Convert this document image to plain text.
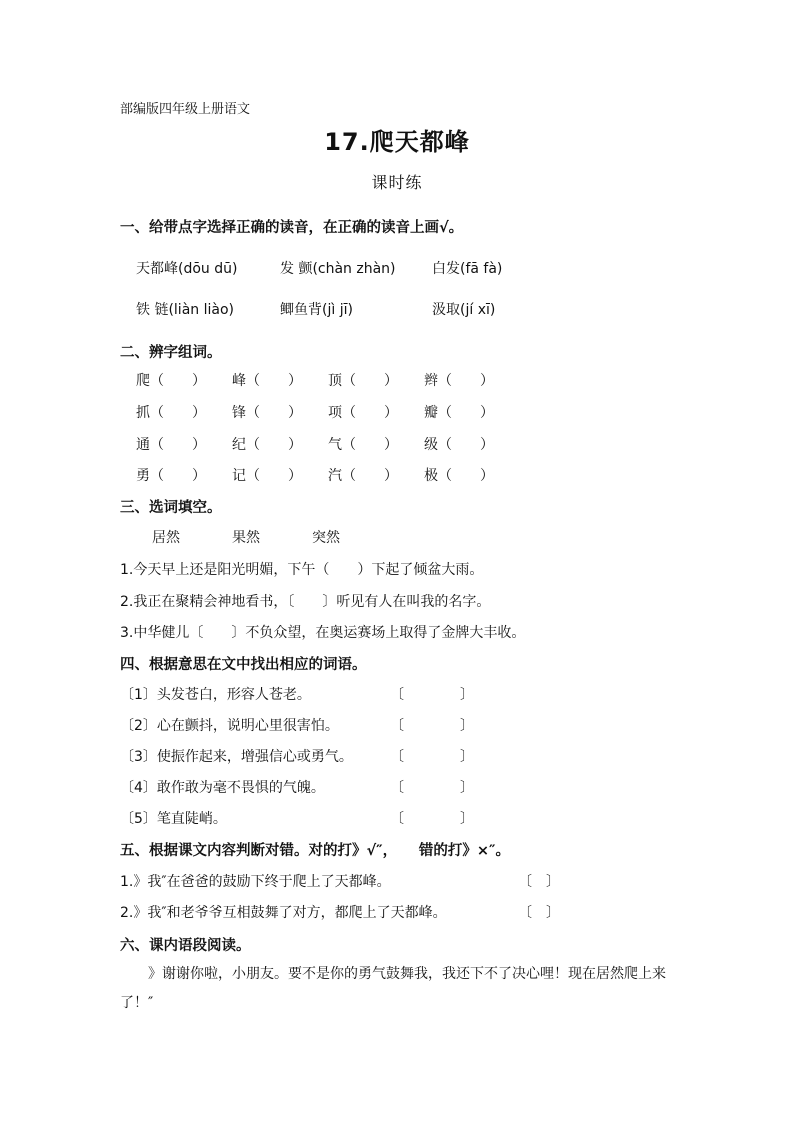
部编版四年级上册语文
17.爬天都峰
课时练
一、给带点字选择正确的读音，在正确的读音上画√。
天都峰(dōu dū)	发 颤(chàn zhàn)	白发(fā fà)
铁 链(liàn liào)	鲫鱼背(jì jī)	汲取(jí xī)
二、辨字组词。
爬（　　） 峰（　　） 顶（　　） 辫（　　）
抓（　　） 锋（　　） 项（　　） 瓣（　　）
通（　　） 纪（　　） 气（　　） 级（　　）
勇（　　） 记（　　） 汽（　　） 极（　　）
三、选词填空。
居然	果然	突然
1.今天早上还是阳光明媚，下午（　　）下起了倾盆大雨。
2.我正在聚精会神地看书，〔　　〕听见有人在叫我的名字。
3.中华健儿〔　　〕不负众望，在奥运赛场上取得了金牌大丰收。
四、根据意思在文中找出相应的词语。
〔1〕头发苍白，形容人苍老。	〔　　　　〕
〔2〕心在颤抖，说明心里很害怕。	〔　　　　〕
〔3〕使振作起来，增强信心或勇气。	〔　　　　〕
〔4〕敢作敢为毫不畏惧的气魄。	〔　　　　〕
〔5〕笔直陡峭。	〔　　　　〕
五、根据课文内容判断对错。对的打》√″，　　错的打》×″。
1.》我″在爸爸的鼓励下终于爬上了天都峰。	〔　〕
2.》我″和老爷爷互相鼓舞了对方，都爬上了天都峰。	〔　〕
六、课内语段阅读。
》谢谢你啦，小朋友。要不是你的勇气鼓舞我，我还下不了决心哩！现在居然爬上来了！″
